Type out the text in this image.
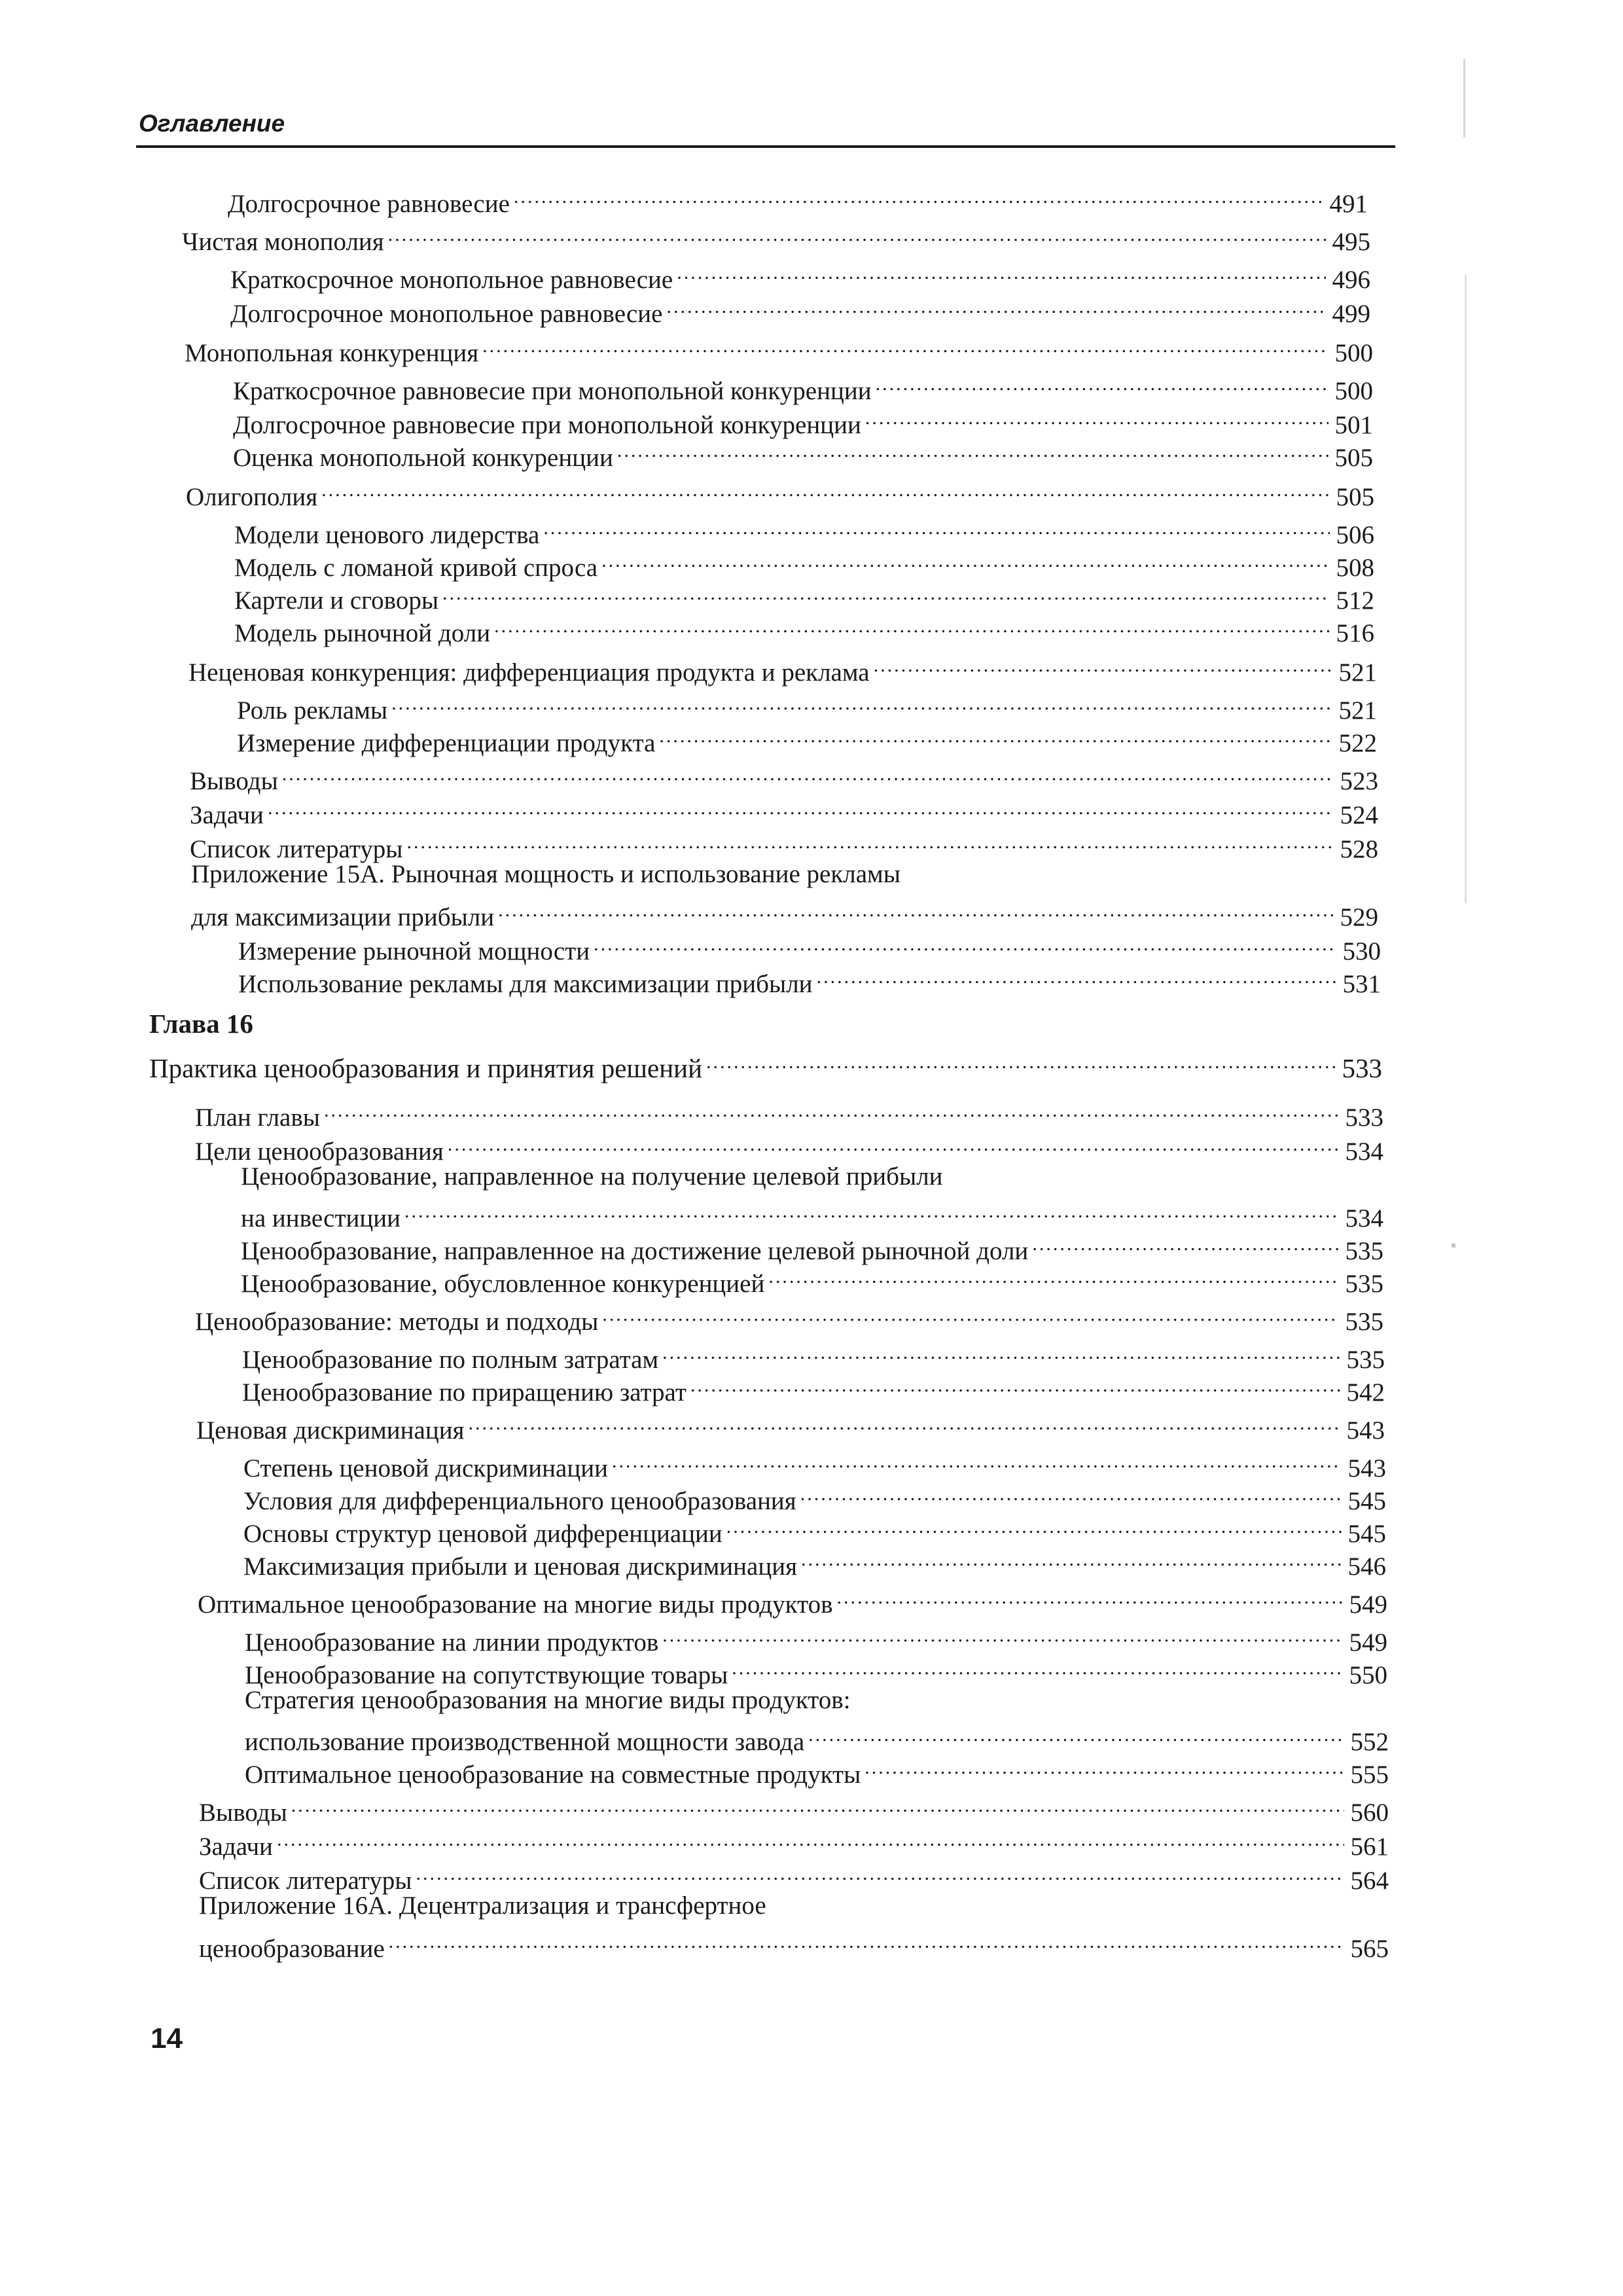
Оглавление
Долгосрочное равновесие .....	491
Чистая монополия .....	495
Краткосрочное монопольное равновесие .....	496
Долгосрочное монопольное равновесие .....	499
Монопольная конкуренция .....	500
Краткосрочное равновесие при монопольной конкуренции .....	500
Долгосрочное равновесие при монопольной конкуренции .....	501
Оценка монопольной конкуренции .....	505
Олигополия .....	505
Модели ценового лидерства .....	506
Модель с ломаной кривой спроса .....	508
Картели и сговоры .....	512
Модель рыночной доли .....	516
Неценовая конкуренция: дифференциация продукта и реклама .....	521
Роль рекламы .....	521
Измерение дифференциации продукта .....	522
Выводы .....	523
Задачи .....	524
Список литературы .....	528
Приложение 15А. Рыночная мощность и использование рекламы
для максимизации прибыли .....	529
Измерение рыночной мощности .....	530
Использование рекламы для максимизации прибыли .....	531
Глава 16
Практика ценообразования и принятия решений .....	533
План главы .....	533
Цели ценообразования .....	534
Ценообразование, направленное на получение целевой прибыли
на инвестиции .....	534
Ценообразование, направленное на достижение целевой рыночной доли .....	535
Ценообразование, обусловленное конкуренцией .....	535
Ценообразование: методы и подходы .....	535
Ценообразование по полным затратам .....	535
Ценообразование по приращению затрат .....	542
Ценовая дискриминация .....	543
Степень ценовой дискриминации .....	543
Условия для дифференциального ценообразования .....	545
Основы структур ценовой дифференциации .....	545
Максимизация прибыли и ценовая дискриминация .....	546
Оптимальное ценообразование на многие виды продуктов .....	549
Ценообразование на линии продуктов .....	549
Ценообразование на сопутствующие товары .....	550
Стратегия ценообразования на многие виды продуктов:
использование производственной мощности завода .....	552
Оптимальное ценообразование на совместные продукты .....	555
Выводы .....	560
Задачи .....	561
Список литературы .....	564
Приложение 16А. Децентрализация и трансфертное
ценообразование .....	565
14
